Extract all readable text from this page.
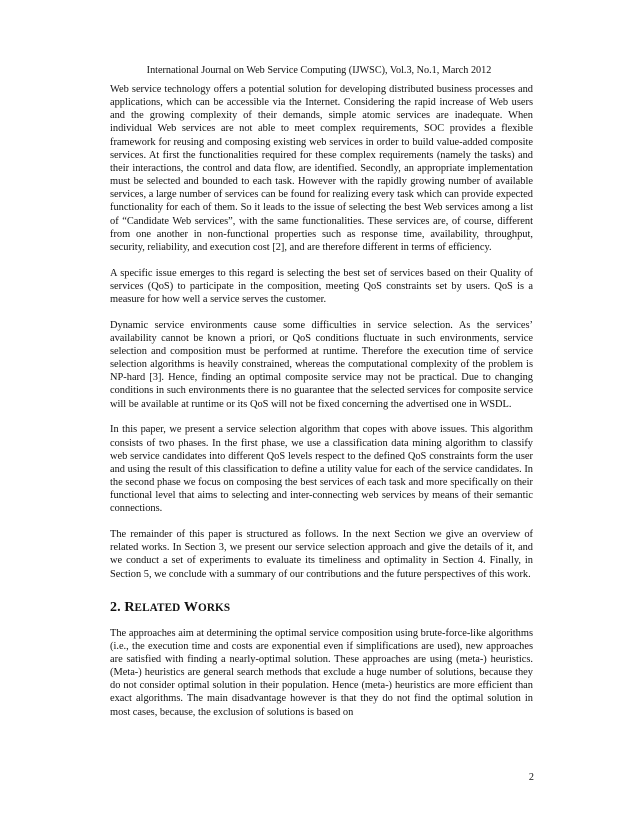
International Journal on Web Service Computing (IJWSC), Vol.3, No.1, March 2012

Web service technology offers a potential solution for developing distributed business processes and applications, which can be accessible via the Internet. Considering the rapid increase of Web users and the growing complexity of their demands, simple atomic services are inadequate. When individual Web services are not able to meet complex requirements, SOC provides a flexible framework for reusing and composing existing web services in order to build value-added composite services. At first the functionalities required for these complex requirements (namely the tasks) and their interactions, the control and data flow, are identified. Secondly, an appropriate implementation must be selected and bounded to each task. However with the rapidly growing number of available services, a large number of services can be found for realizing every task which can provide expected functionality for each of them. So it leads to the issue of selecting the best Web services among a list of “Candidate Web services”, with the same functionalities. These services are, of course, different from one another in non-functional properties such as response time, availability, throughput, security, reliability, and execution cost [2], and are therefore different in terms of efficiency.

A specific issue emerges to this regard is selecting the best set of services based on their Quality of services (QoS) to participate in the composition, meeting QoS constraints set by users. QoS is a measure for how well a service serves the customer.

Dynamic service environments cause some difficulties in service selection. As the services’ availability cannot be known a priori, or QoS conditions fluctuate in such environments, service selection and composition must be performed at runtime. Therefore the execution time of service selection algorithms is heavily constrained, whereas the computational complexity of the problem is NP-hard [3]. Hence, finding an optimal composite service may not be practical. Due to changing conditions in such environments there is no guarantee that the selected services for composite service will be available at runtime or its QoS will not be fixed concerning the advertised one in WSDL.

In this paper, we present a service selection algorithm that copes with above issues. This algorithm consists of two phases. In the first phase, we use a classification data mining algorithm to classify web service candidates into different QoS levels respect to the defined QoS constraints form the user and using the result of this classification to define a utility value for each of the service candidates. In the second phase we focus on composing the best services of each task and more specifically on their functional level that aims to selecting and inter-connecting web services by means of their semantic connections.

The remainder of this paper is structured as follows. In the next Section we give an overview of related works. In Section 3, we present our service selection approach and give the details of it, and we conduct a set of experiments to evaluate its timeliness and optimality in Section 4. Finally, in Section 5, we conclude with a summary of our contributions and the future perspectives of this work.

2. RELATED WORKS

The approaches aim at determining the optimal service composition using brute-force-like algorithms (i.e., the execution time and costs are exponential even if simplifications are used), new approaches are satisfied with finding a nearly-optimal solution. These approaches are using (meta-) heuristics. (Meta-) heuristics are general search methods that exclude a huge number of solutions, because they do not consider optimal solution in their population. Hence (meta-) heuristics are more efficient than exact algorithms. The main disadvantage however is that they do not find the optimal solution in most cases, because, the exclusion of solutions is based on

2
